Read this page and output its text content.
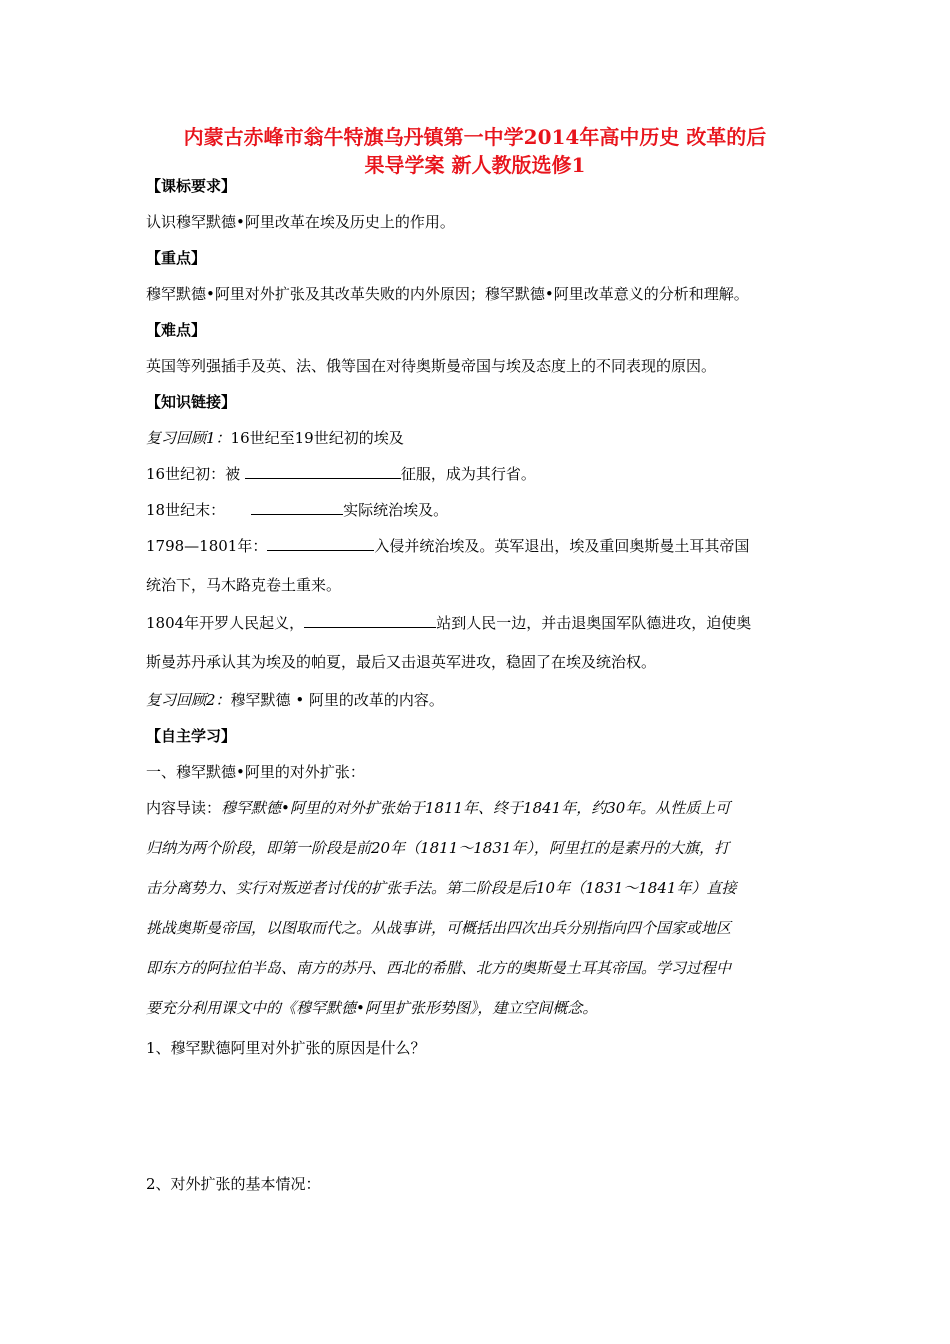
内蒙古赤峰市翁牛特旗乌丹镇第一中学2014年高中历史 改革的后
果导学案 新人教版选修1
【课标要求】
认识穆罕默德•阿里改革在埃及历史上的作用。
【重点】
穆罕默德•阿里对外扩张及其改革失败的内外原因；穆罕默德•阿里改革意义的分析和理解。
【难点】
英国等列强插手及英、法、俄等国在对待奥斯曼帝国与埃及态度上的不同表现的原因。
【知识链接】
复习回顾1：16世纪至19世纪初的埃及
16世纪初：被	征服，成为其行省。
18世纪末：	实际统治埃及。
1798—1801年：	入侵并统治埃及。英军退出，埃及重回奥斯曼土耳其帝国
统治下，马木路克卷土重来。
1804年开罗人民起义，	站到人民一边，并击退奥国军队德进攻，迫使奥
斯曼苏丹承认其为埃及的帕夏，最后又击退英军进攻，稳固了在埃及统治权。
复习回顾2：穆罕默德 • 阿里的改革的内容。
【自主学习】
一、穆罕默德•阿里的对外扩张：
内容导读：穆罕默德•阿里的对外扩张始于1811年、终于1841年，约30年。从性质上可
归纳为两个阶段，即第一阶段是前20年（1811～1831年），阿里扛的是素丹的大旗，打
击分离势力、实行对叛逆者讨伐的扩张手法。第二阶段是后10年（1831～1841年）直接
挑战奥斯曼帝国，以图取而代之。从战事讲，可概括出四次出兵分别指向四个国家或地区
即东方的阿拉伯半岛、南方的苏丹、西北的希腊、北方的奥斯曼土耳其帝国。学习过程中
要充分利用课文中的《穆罕默德•阿里扩张形势图》，建立空间概念。
1、穆罕默德阿里对外扩张的原因是什么？
2、对外扩张的基本情况：
